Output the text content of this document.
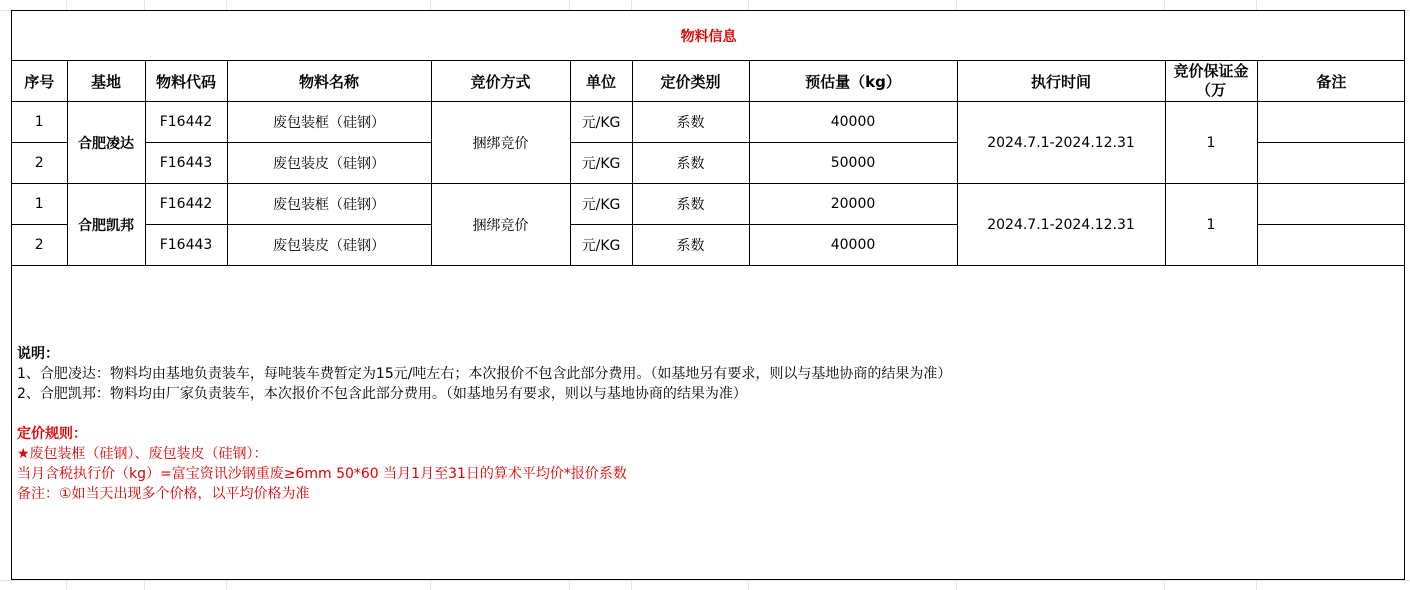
物料信息										
序号	基地	物料代码	物料名称	竞价方式	单位	定价类别	预估量（kg）	执行时间	竞价保证金（万	备注
1	合肥凌达	F16442	废包装框（硅钢）	捆绑竞价	元/KG	系数	40000	2024.7.1-2024.12.31	1	
2		F16443	废包装皮（硅钢）		元/KG	系数	50000			
1	合肥凯邦	F16442	废包装框（硅钢）	捆绑竞价	元/KG	系数	20000	2024.7.1-2024.12.31	1	
2		F16443	废包装皮（硅钢）		元/KG	系数	40000			
说明：
1、合肥凌达：物料均由基地负责装车，每吨装车费暂定为15元/吨左右；本次报价不包含此部分费用。（如基地另有要求，则以与基地协商的结果为准）
2、合肥凯邦：物料均由厂家负责装车，本次报价不包含此部分费用。（如基地另有要求，则以与基地协商的结果为准）
定价规则：
★废包装框（硅钢）、废包装皮（硅钢）：
当月含税执行价（kg）=富宝资讯沙钢重废≥6mm 50*60 当月1月至31日的算术平均价*报价系数
备注：①如当天出现多个价格，以平均价格为准
